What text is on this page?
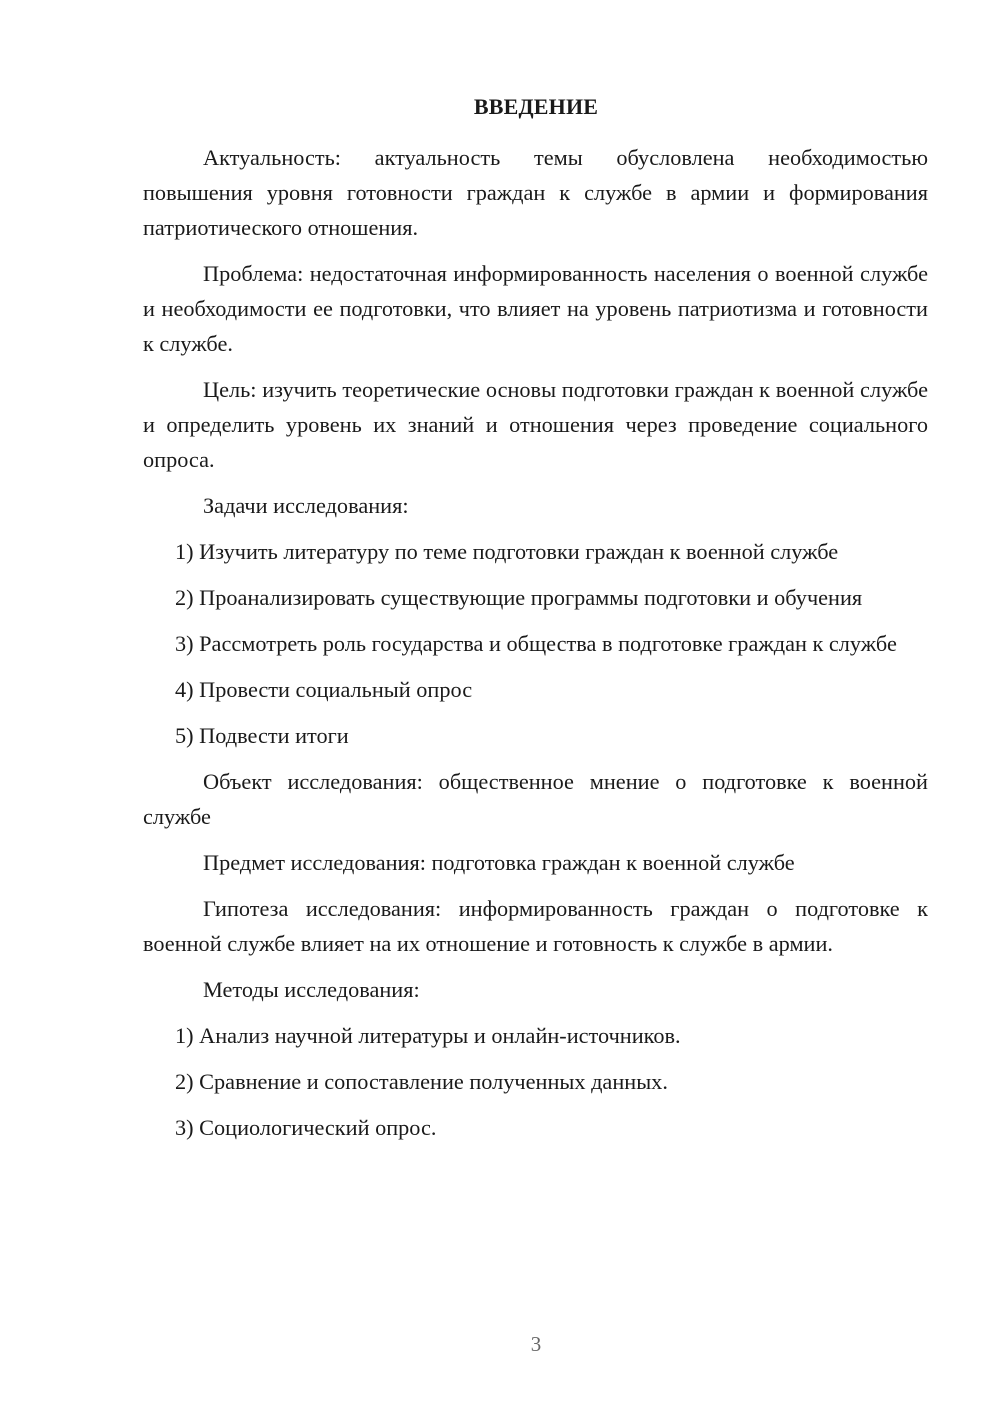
ВВЕДЕНИЕ

Актуальность: актуальность темы обусловлена необходимостью повышения уровня готовности граждан к службе в армии и формирования патриотического отношения.

Проблема: недостаточная информированность населения о военной службе и необходимости ее подготовки, что влияет на уровень патриотизма и готовности к службе.

Цель: изучить теоретические основы подготовки граждан к военной службе и определить уровень их знаний и отношения через проведение социального опроса.

Задачи исследования:

1) Изучить литературу по теме подготовки граждан к военной службе

2) Проанализировать существующие программы подготовки и обучения

3) Рассмотреть роль государства и общества в подготовке граждан к службе

4) Провести социальный опрос

5) Подвести итоги

Объект исследования: общественное мнение о подготовке к военной службе

Предмет исследования: подготовка граждан к военной службе

Гипотеза исследования: информированность граждан о подготовке к военной службе влияет на их отношение и готовность к службе в армии.

Методы исследования:

1) Анализ научной литературы и онлайн-источников.

2) Сравнение и сопоставление полученных данных.

3) Социологический опрос.

3
